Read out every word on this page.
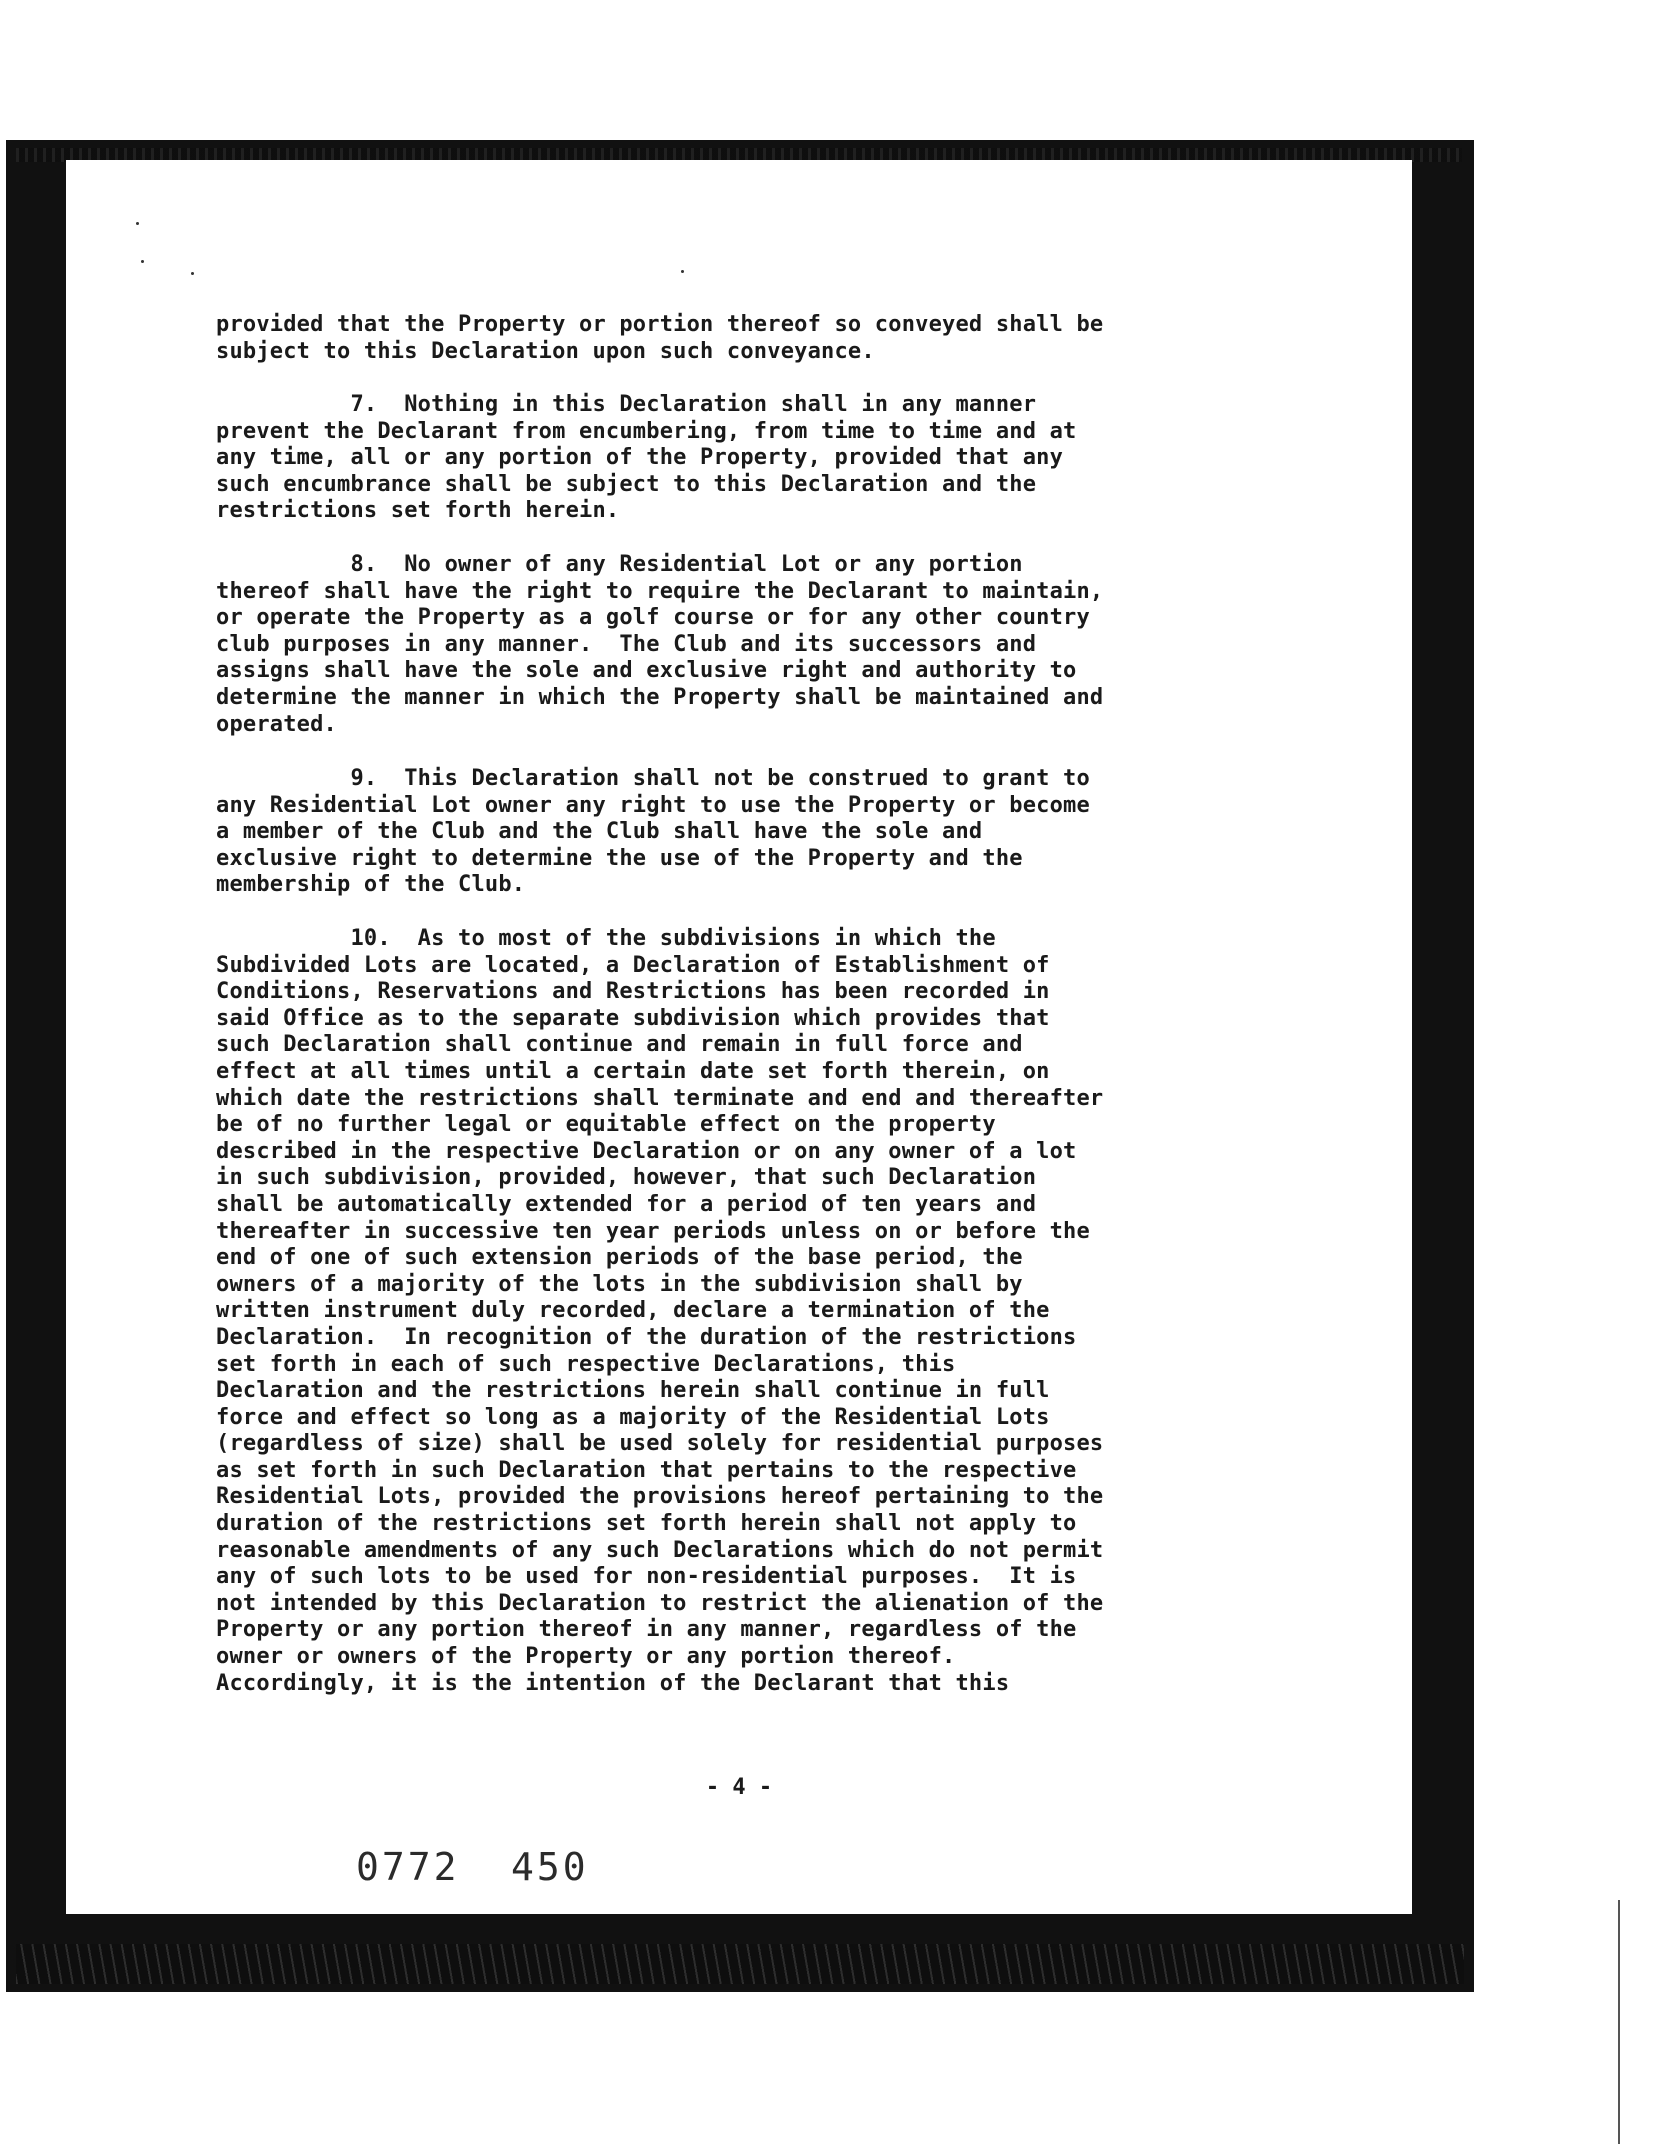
provided that the Property or portion thereof so conveyed shall be
subject to this Declaration upon such conveyance.
7.  Nothing in this Declaration shall in any manner
prevent the Declarant from encumbering, from time to time and at
any time, all or any portion of the Property, provided that any
such encumbrance shall be subject to this Declaration and the
restrictions set forth herein.
8.  No owner of any Residential Lot or any portion
thereof shall have the right to require the Declarant to maintain,
or operate the Property as a golf course or for any other country
club purposes in any manner.  The Club and its successors and
assigns shall have the sole and exclusive right and authority to
determine the manner in which the Property shall be maintained and
operated.
9.  This Declaration shall not be construed to grant to
any Residential Lot owner any right to use the Property or become
a member of the Club and the Club shall have the sole and
exclusive right to determine the use of the Property and the
membership of the Club.
10.  As to most of the subdivisions in which the
Subdivided Lots are located, a Declaration of Establishment of
Conditions, Reservations and Restrictions has been recorded in
said Office as to the separate subdivision which provides that
such Declaration shall continue and remain in full force and
effect at all times until a certain date set forth therein, on
which date the restrictions shall terminate and end and thereafter
be of no further legal or equitable effect on the property
described in the respective Declaration or on any owner of a lot
in such subdivision, provided, however, that such Declaration
shall be automatically extended for a period of ten years and
thereafter in successive ten year periods unless on or before the
end of one of such extension periods of the base period, the
owners of a majority of the lots in the subdivision shall by
written instrument duly recorded, declare a termination of the
Declaration.  In recognition of the duration of the restrictions
set forth in each of such respective Declarations, this
Declaration and the restrictions herein shall continue in full
force and effect so long as a majority of the Residential Lots
(regardless of size) shall be used solely for residential purposes
as set forth in such Declaration that pertains to the respective
Residential Lots, provided the provisions hereof pertaining to the
duration of the restrictions set forth herein shall not apply to
reasonable amendments of any such Declarations which do not permit
any of such lots to be used for non-residential purposes.  It is
not intended by this Declaration to restrict the alienation of the
Property or any portion thereof in any manner, regardless of the
owner or owners of the Property or any portion thereof.
Accordingly, it is the intention of the Declarant that this
- 4 -
0772 450
